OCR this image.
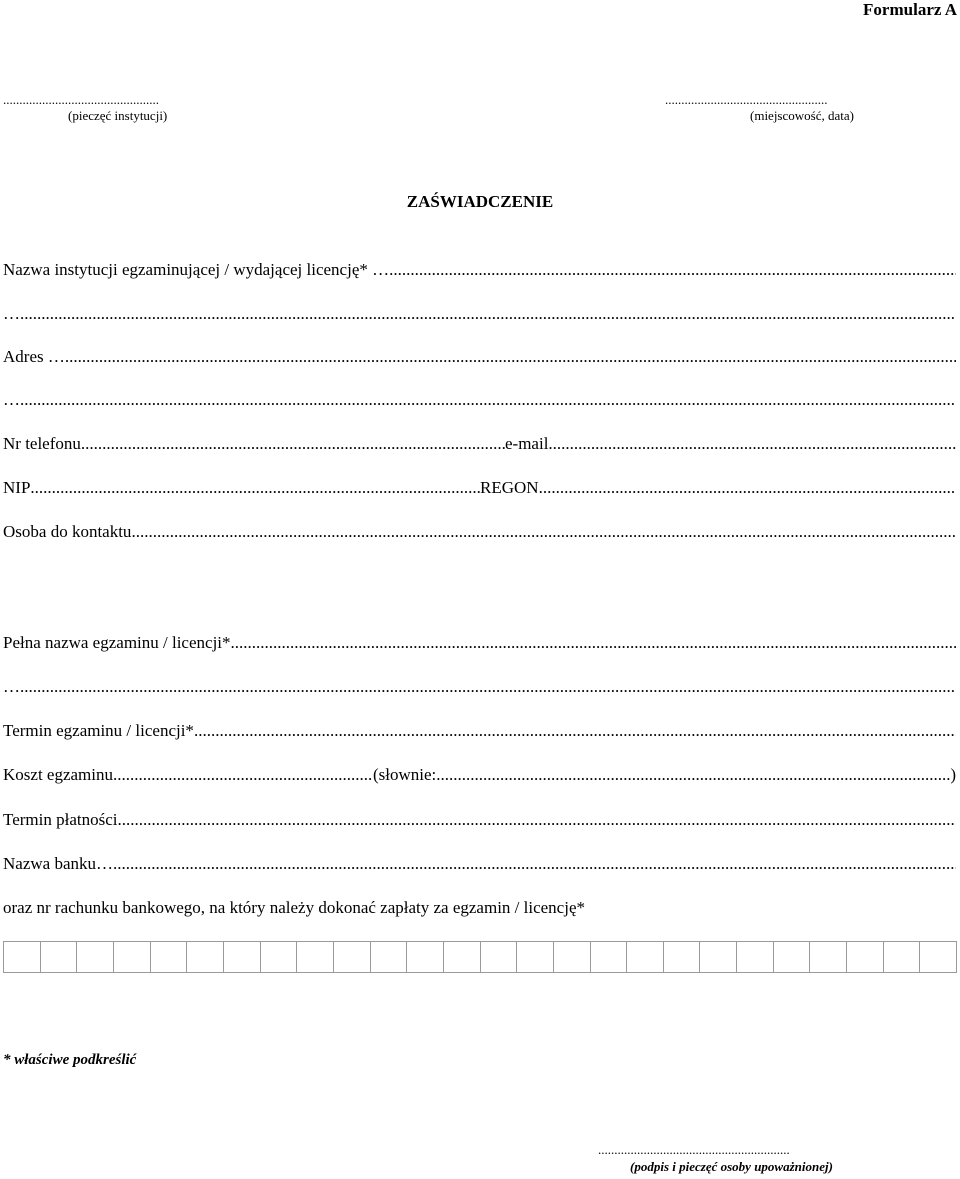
Formularz A
................................................
(pieczęć instytucji)
..................................................
(miejscowość, data)
ZAŚWIADCZENIE
Nazwa instytucji egzaminującej / wydającej licencję* …
.....
…
.....
Adres …
.....
…
.....
Nr telefonu .....	e-mail
.....
NIP .....	REGON
.....
Osoba do kontaktu
.....
Pełna nazwa egzaminu / licencji*
.....
…
.....
Termin egzaminu / licencji*
.....
Koszt egzaminu .....	(słownie: .....	)
Termin płatności
.....
Nazwa banku…
.....
oraz nr rachunku bankowego, na który należy dokonać zapłaty za egzamin / licencję*
* właściwe podkreślić
...........................................................
(podpis i pieczęć osoby upoważnionej)
